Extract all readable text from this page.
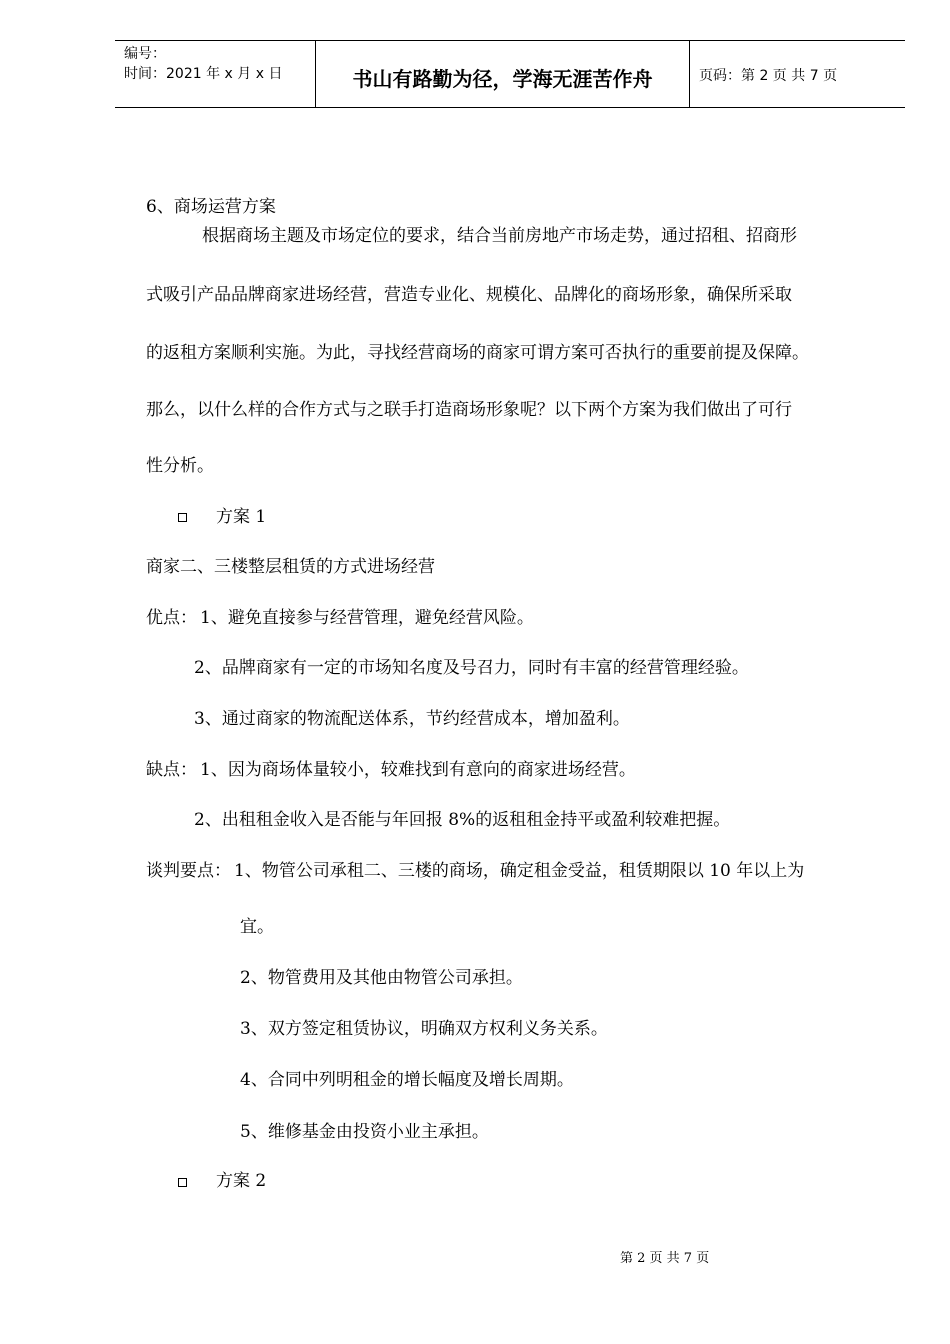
编号：
时间：2021 年 x 月 x 日	书山有路勤为径，学海无涯苦作舟	页码：第 2 页 共 7 页
6、商场运营方案
根据商场主题及市场定位的要求，结合当前房地产市场走势，通过招租、招商形
式吸引产品品牌商家进场经营，营造专业化、规模化、品牌化的商场形象，确保所采取
的返租方案顺利实施。为此，寻找经营商场的商家可谓方案可否执行的重要前提及保障。
那么，以什么样的合作方式与之联手打造商场形象呢？以下两个方案为我们做出了可行
性分析。
方案 1
商家二、三楼整层租赁的方式进场经营
优点： 1、避免直接参与经营管理，避免经营风险。
2、品牌商家有一定的市场知名度及号召力，同时有丰富的经营管理经验。
3、通过商家的物流配送体系，节约经营成本，增加盈利。
缺点： 1、因为商场体量较小，较难找到有意向的商家进场经营。
2、出租租金收入是否能与年回报 8%的返租租金持平或盈利较难把握。
谈判要点： 1、物管公司承租二、三楼的商场，确定租金受益，租赁期限以 10 年以上为
宜。
2、物管费用及其他由物管公司承担。
3、双方签定租赁协议，明确双方权利义务关系。
4、合同中列明租金的增长幅度及增长周期。
5、维修基金由投资小业主承担。
方案 2
第 2 页 共 7 页
